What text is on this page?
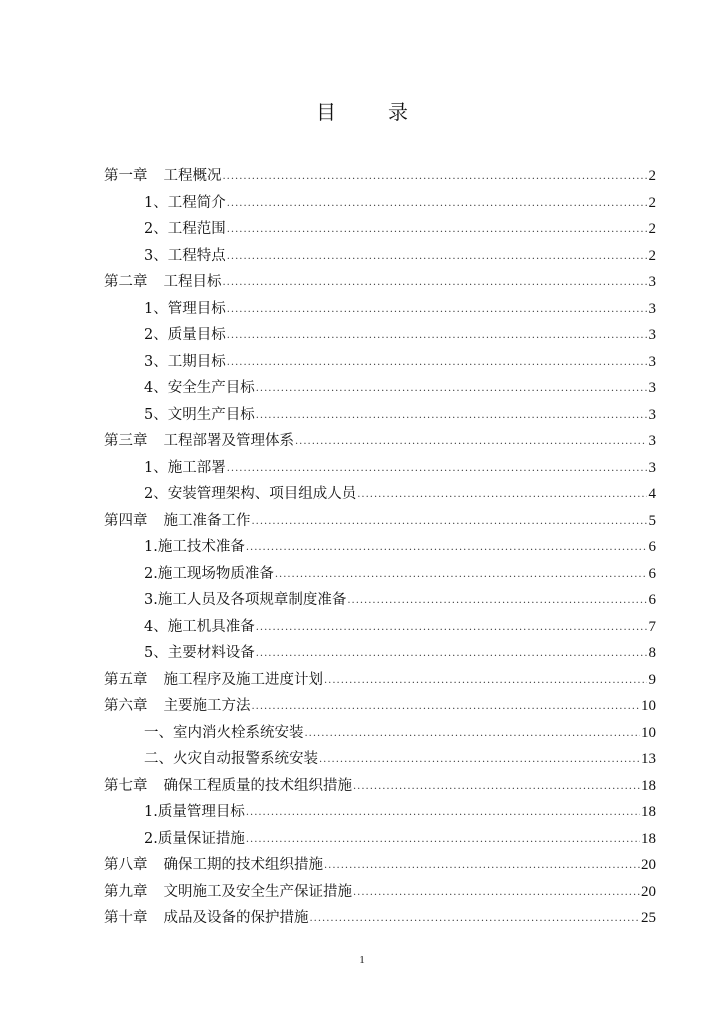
目	录
第一章 工程概况 .....	2
1、工程简介 .....	2
2、工程范围 .....	2
3、工程特点 .....	2
第二章 工程目标 .....	3
1、管理目标 .....	3
2、质量目标 .....	3
3、工期目标 .....	3
4、安全生产目标 .....	3
5、文明生产目标 .....	3
第三章 工程部署及管理体系 .....	3
1、施工部署 .....	3
2、安装管理架构、项目组成人员 .....	4
第四章 施工准备工作 .....	5
1.施工技术准备 .....	6
2.施工现场物质准备 .....	6
3.施工人员及各项规章制度准备 .....	6
4、施工机具准备 .....	7
5、主要材料设备 .....	8
第五章 施工程序及施工进度计划 .....	9
第六章 主要施工方法 .....	10
一、室内消火栓系统安装 .....	10
二、火灾自动报警系统安装 .....	13
第七章 确保工程质量的技术组织措施 .....	18
1.质量管理目标 .....	18
2.质量保证措施 .....	18
第八章 确保工期的技术组织措施 .....	20
第九章 文明施工及安全生产保证措施 .....	20
第十章 成品及设备的保护措施 .....	25
1
